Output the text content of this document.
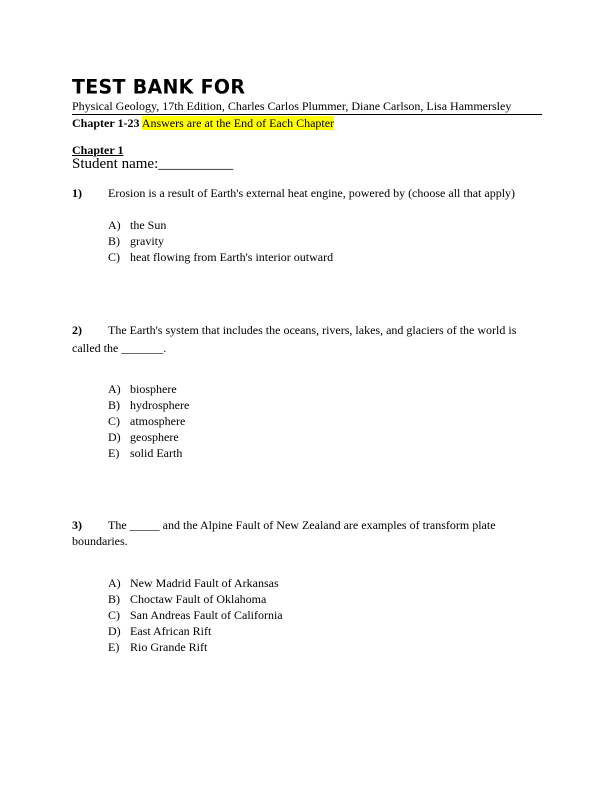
TEST BANK FOR
Physical Geology, 17th Edition, Charles Carlos Plummer, Diane Carlson, Lisa Hammersley
Chapter 1-23 Answers are at the End of Each Chapter
Chapter 1
Student name:__________
1) Erosion is a result of Earth's external heat engine, powered by (choose all that apply)
A) the Sun
B) gravity
C) heat flowing from Earth's interior outward
2) The Earth's system that includes the oceans, rivers, lakes, and glaciers of the world is
called the _______.
A) biosphere
B) hydrosphere
C) atmosphere
D) geosphere
E) solid Earth
3) The _____ and the Alpine Fault of New Zealand are examples of transform plate
boundaries.
A) New Madrid Fault of Arkansas
B) Choctaw Fault of Oklahoma
C) San Andreas Fault of California
D) East African Rift
E) Rio Grande Rift
